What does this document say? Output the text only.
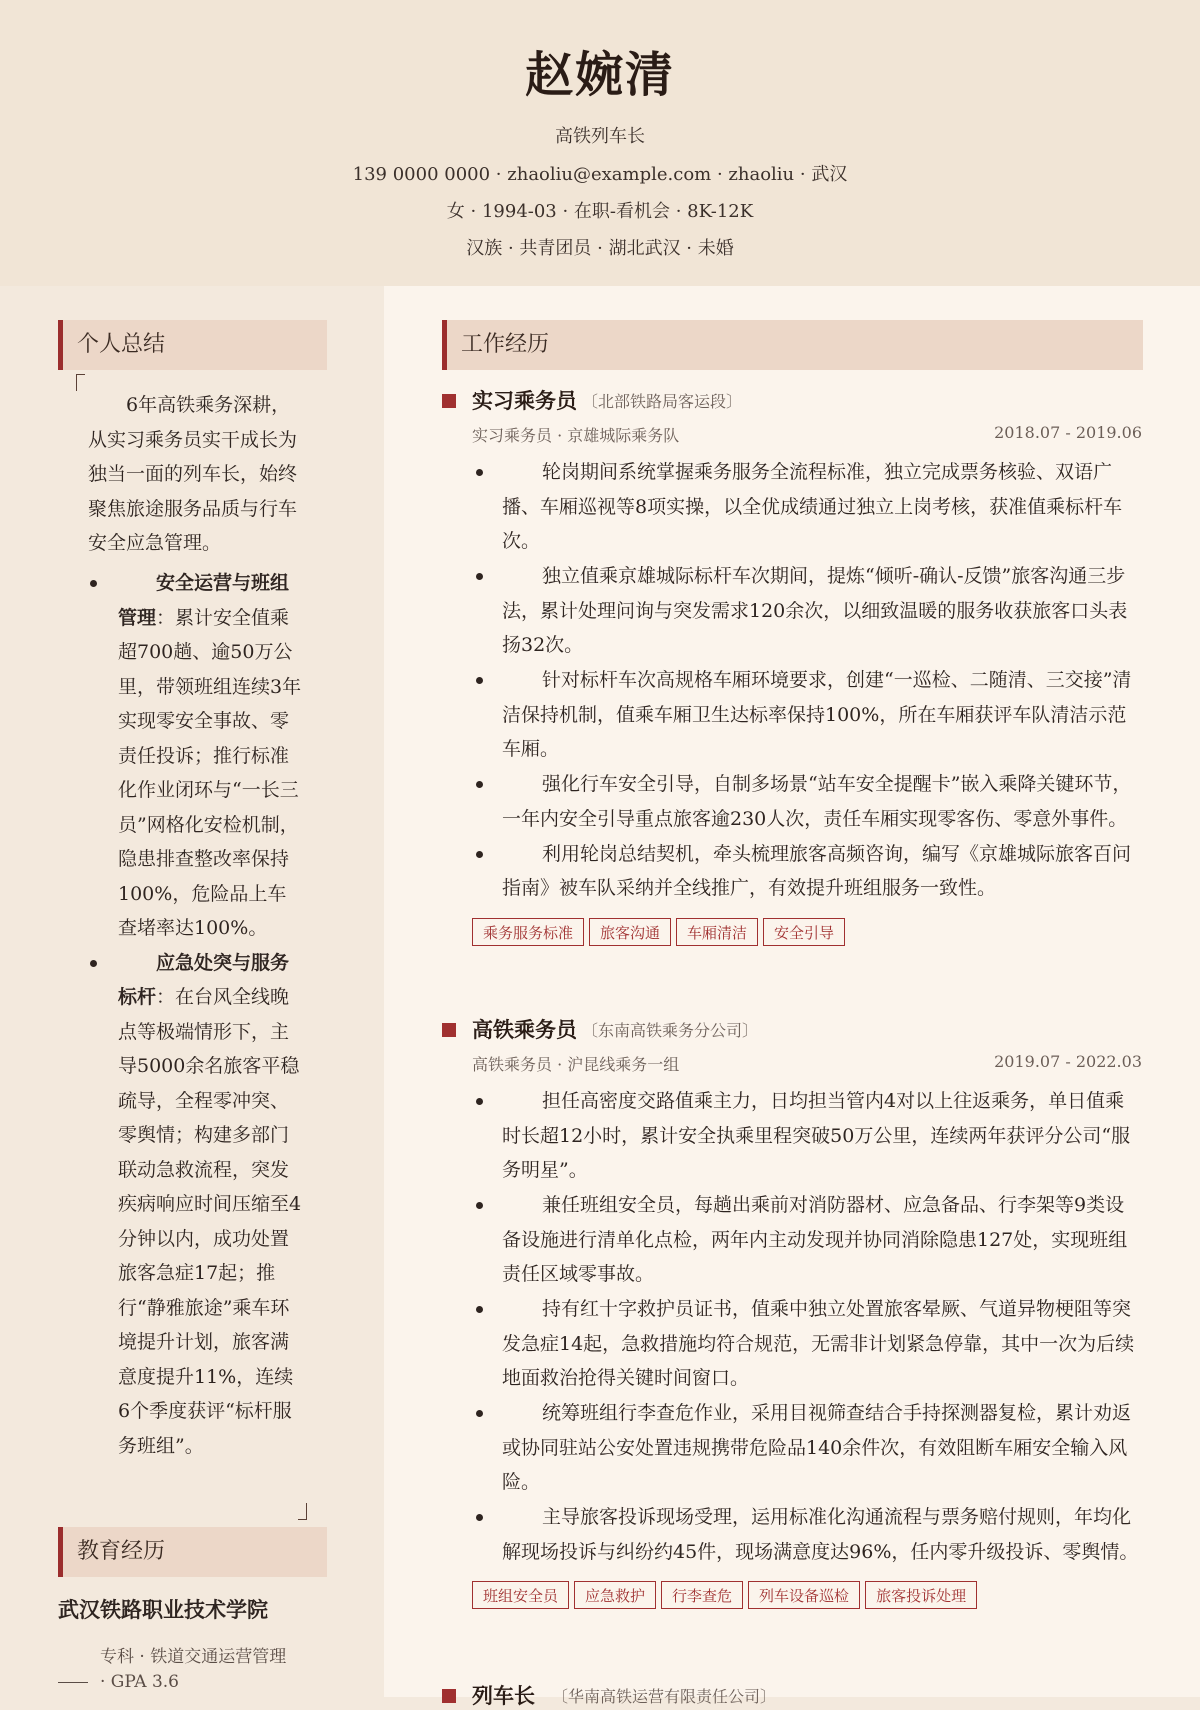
赵婉清
高铁列车长
139 0000 0000 · zhaoliu@example.com · zhaoliu · 武汉
女 · 1994-03 · 在职-看机会 · 8K-12K
汉族 · 共青团员 · 湖北武汉 · 未婚
个人总结
6年高铁乘务深耕，从实习乘务员实干成长为独当一面的列车长，始终聚焦旅途服务品质与行车安全应急管理。
安全运营与班组管理：累计安全值乘超700趟、逾50万公里，带领班组连续3年实现零安全事故、零责任投诉；推行标准化作业闭环与“一长三员”网格化安检机制，隐患排查整改率保持100%，危险品上车查堵率达100%。
应急处突与服务标杆：在台风全线晚点等极端情形下，主导5000余名旅客平稳疏导，全程零冲突、零舆情；构建多部门联动急救流程，突发疾病响应时间压缩至4分钟以内，成功处置旅客急症17起；推行“静雅旅途”乘车环境提升计划，旅客满意度提升11%，连续6个季度获评“标杆服务班组”。
教育经历
武汉铁路职业技术学院
专科 · 铁道交通运营管理
· GPA 3.6
工作经历
实习乘务员 〔北部铁路局客运段〕
实习乘务员 · 京雄城际乘务队	2018.07 - 2019.06
轮岗期间系统掌握乘务服务全流程标准，独立完成票务核验、双语广播、车厢巡视等8项实操，以全优成绩通过独立上岗考核，获准值乘标杆车次。
独立值乘京雄城际标杆车次期间，提炼“倾听-确认-反馈”旅客沟通三步法，累计处理问询与突发需求120余次，以细致温暖的服务收获旅客口头表扬32次。
针对标杆车次高规格车厢环境要求，创建“一巡检、二随清、三交接”清洁保持机制，值乘车厢卫生达标率保持100%，所在车厢获评车队清洁示范车厢。
强化行车安全引导，自制多场景“站车安全提醒卡”嵌入乘降关键环节，一年内安全引导重点旅客逾230人次，责任车厢实现零客伤、零意外事件。
利用轮岗总结契机，牵头梳理旅客高频咨询，编写《京雄城际旅客百问指南》被车队采纳并全线推广，有效提升班组服务一致性。
乘务服务标准 旅客沟通 车厢清洁 安全引导
高铁乘务员 〔东南高铁乘务分公司〕
高铁乘务员 · 沪昆线乘务一组	2019.07 - 2022.03
担任高密度交路值乘主力，日均担当管内4对以上往返乘务，单日值乘时长超12小时，累计安全执乘里程突破50万公里，连续两年获评分公司“服务明星”。
兼任班组安全员，每趟出乘前对消防器材、应急备品、行李架等9类设备设施进行清单化点检，两年内主动发现并协同消除隐患127处，实现班组责任区域零事故。
持有红十字救护员证书，值乘中独立处置旅客晕厥、气道异物梗阻等突发急症14起，急救措施均符合规范，无需非计划紧急停靠，其中一次为后续地面救治抢得关键时间窗口。
统筹班组行李查危作业，采用目视筛查结合手持探测器复检，累计劝返或协同驻站公安处置违规携带危险品140余件次，有效阻断车厢安全输入风险。
主导旅客投诉现场受理，运用标准化沟通流程与票务赔付规则，年均化解现场投诉与纠纷约45件，现场满意度达96%，任内零升级投诉、零舆情。
班组安全员 应急救护 行李查危 列车设备巡检 旅客投诉处理
列车长 〔华南高铁运营有限责任公司〕
